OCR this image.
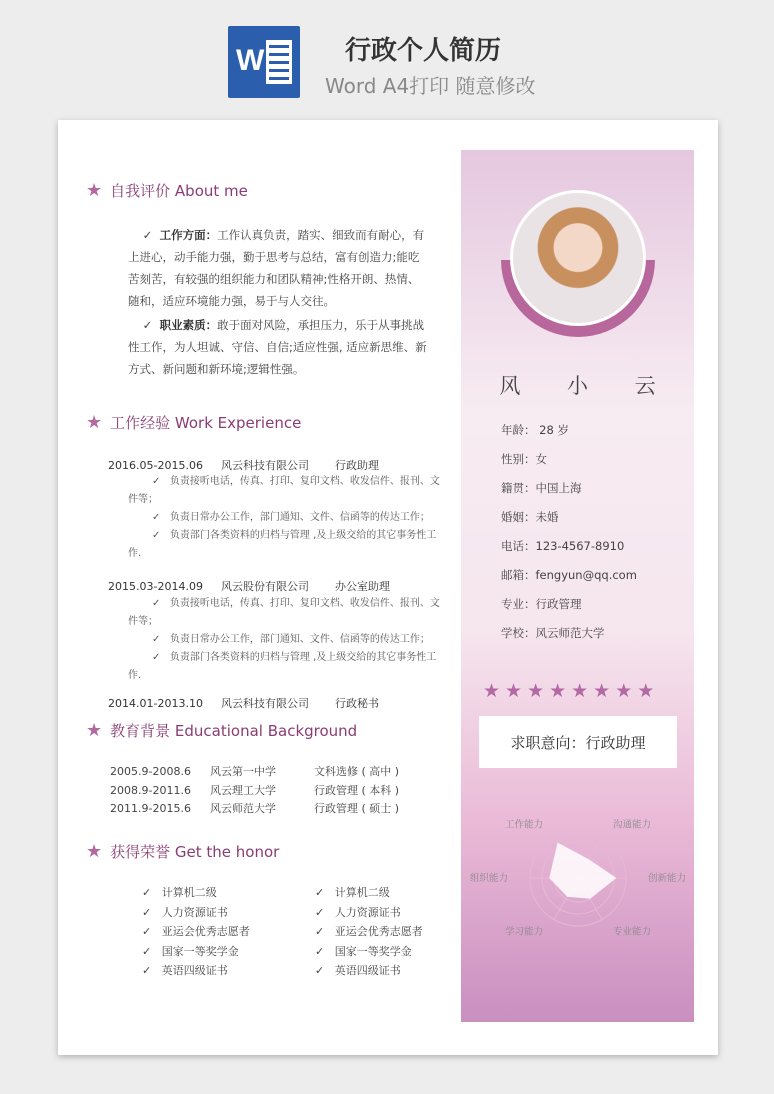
W	行政个人简历
Word A4打印 随意修改
★ 自我评价 About me
✓  工作方面：工作认真负责，踏实、细致而有耐心，有上进心，动手能力强，勤于思考与总结，富有创造力;能吃苦刻苦，有较强的组织能力和团队精神;性格开朗、热情、随和，适应环境能力强，易于与人交往。
✓  职业素质：敢于面对风险，承担压力，乐于从事挑战性工作，为人坦诚、守信、自信;适应性强, 适应新思维、新方式、新问题和新环境;逻辑性强。
★ 工作经验 Work Experience
2016.05-2015.06 风云科技有限公司 行政助理
✓   负责接听电话，传真、打印、复印文档、收发信件、报刊、文件等；
✓   负责日常办公工作，部门通知、文件、信函等的传达工作；
✓   负责部门各类资料的归档与管理 ,及上级交给的其它事务性工作.
2015.03-2014.09 风云股份有限公司 办公室助理
✓   负责接听电话，传真、打印、复印文档、收发信件、报刊、文件等；
✓   负责日常办公工作，部门通知、文件、信函等的传达工作；
✓   负责部门各类资料的归档与管理 ,及上级交给的其它事务性工作.
2014.01-2013.10 风云科技有限公司 行政秘书
★ 教育背景 Educational Background
2005.9-2008.6 风云第一中学	文科选修 ( 高中 )
2008.9-2011.6 风云理工大学	行政管理 ( 本科 )
2011.9-2015.6 风云师范大学	行政管理 ( 硕士 )
★ 获得荣誉 Get the honor
✓   计算机二级
✓   人力资源证书
✓   亚运会优秀志愿者
✓   国家一等奖学金
✓   英语四级证书
✓   计算机二级
✓   人力资源证书
✓   亚运会优秀志愿者
✓   国家一等奖学金
✓   英语四级证书
风 小 云
年龄： 28 岁
性别：女
籍贯：中国上海
婚姻：未婚
电话：123-4567-8910
邮箱：fengyun@qq.com
专业：行政管理
学校：风云师范大学
★★★★★★★★
求职意向：行政助理
工作能力	沟通能力
创新能力
专业能力
学习能力
组织能力
